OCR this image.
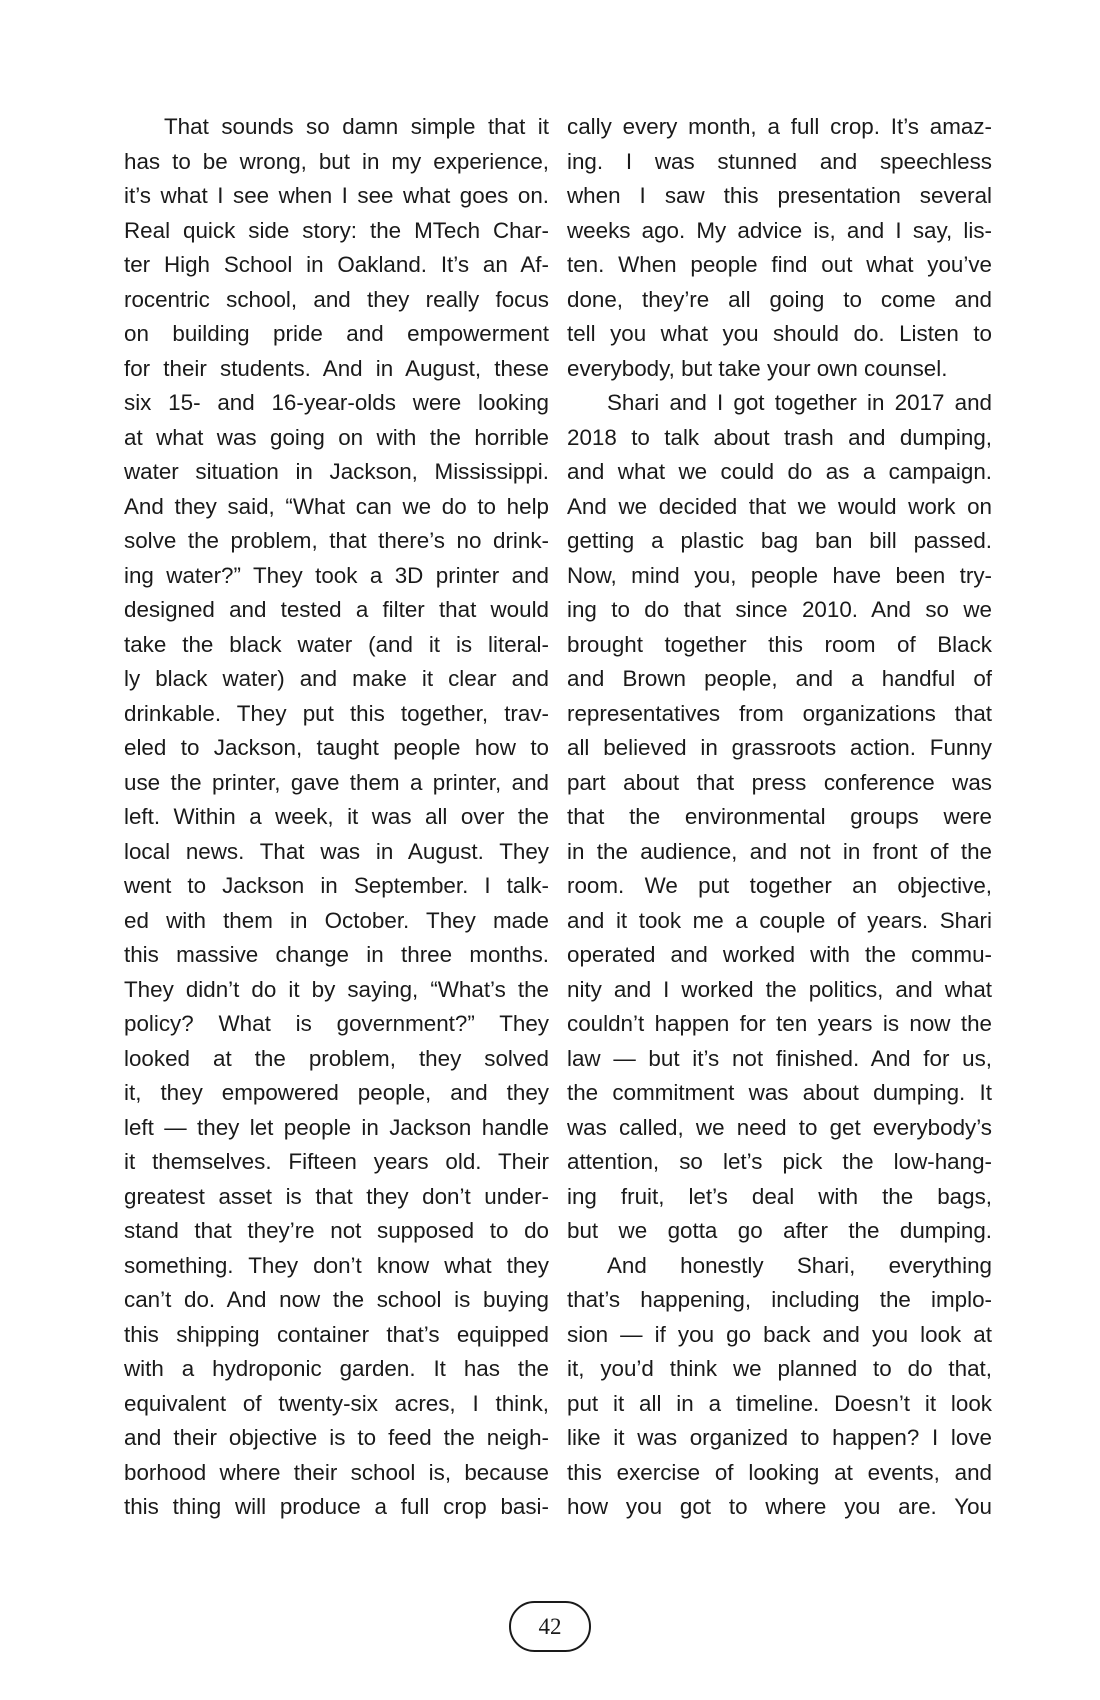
That sounds so damn simple that it
has to be wrong, but in my experience,
it’s what I see when I see what goes on.
Real quick side story: the MTech Char-
ter High School in Oakland. It’s an Af-
rocentric school, and they really focus
on building pride and empowerment
for their students. And in August, these
six 15- and 16-year-olds were looking
at what was going on with the horrible
water situation in Jackson, Mississippi.
And they said, “What can we do to help
solve the problem, that there’s no drink-
ing water?” They took a 3D printer and
designed and tested a filter that would
take the black water (and it is literal-
ly black water) and make it clear and
drinkable. They put this together, trav-
eled to Jackson, taught people how to
use the printer, gave them a printer, and
left. Within a week, it was all over the
local news. That was in August. They
went to Jackson in September. I talk-
ed with them in October. They made
this massive change in three months.
They didn’t do it by saying, “What’s the
policy? What is government?” They
looked at the problem, they solved
it, they empowered people, and they
left — they let people in Jackson handle
it themselves. Fifteen years old. Their
greatest asset is that they don’t under-
stand that they’re not supposed to do
something. They don’t know what they
can’t do. And now the school is buying
this shipping container that’s equipped
with a hydroponic garden. It has the
equivalent of twenty-six acres, I think,
and their objective is to feed the neigh-
borhood where their school is, because
this thing will produce a full crop basi-
cally every month, a full crop. It’s amaz-
ing. I was stunned and speechless
when I saw this presentation several
weeks ago. My advice is, and I say, lis-
ten. When people find out what you’ve
done, they’re all going to come and
tell you what you should do. Listen to
everybody, but take your own counsel.
Shari and I got together in 2017 and
2018 to talk about trash and dumping,
and what we could do as a campaign.
And we decided that we would work on
getting a plastic bag ban bill passed.
Now, mind you, people have been try-
ing to do that since 2010. And so we
brought together this room of Black
and Brown people, and a handful of
representatives from organizations that
all believed in grassroots action. Funny
part about that press conference was
that the environmental groups were
in the audience, and not in front of the
room. We put together an objective,
and it took me a couple of years. Shari
operated and worked with the commu-
nity and I worked the politics, and what
couldn’t happen for ten years is now the
law — but it’s not finished. And for us,
the commitment was about dumping. It
was called, we need to get everybody’s
attention, so let’s pick the low-hang-
ing fruit, let’s deal with the bags,
but we gotta go after the dumping.
And honestly Shari, everything
that’s happening, including the implo-
sion — if you go back and you look at
it, you’d think we planned to do that,
put it all in a timeline. Doesn’t it look
like it was organized to happen? I love
this exercise of looking at events, and
how you got to where you are. You
42
